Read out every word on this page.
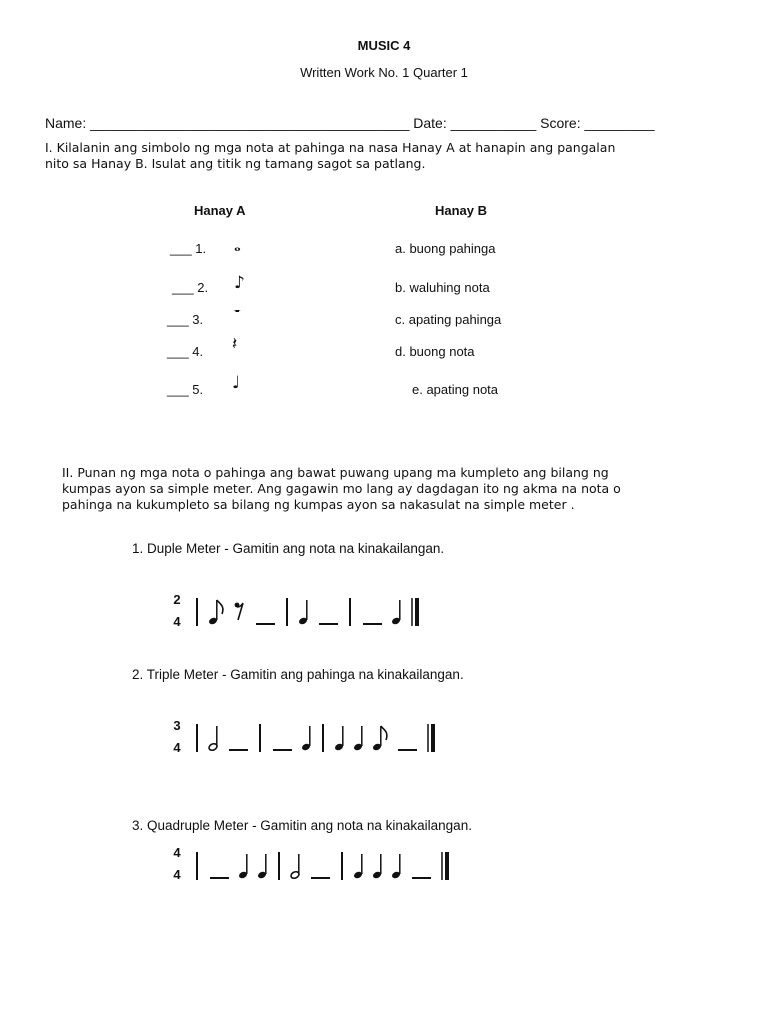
MUSIC 4
Written Work No. 1 Quarter 1
Name: _________________________________________ Date: ___________ Score: _________
I. Kilalanin ang simbolo ng mga nota at pahinga na nasa Hanay A at hanapin ang pangalan
nito sa Hanay B. Isulat ang titik ng tamang sagot sa patlang.
Hanay A	Hanay B
___ 1. 𝅝	a. buong pahinga
___ 2. ♪	b. waluhing nota
___ 3. 𝄻	c. apating pahinga
___ 4. 𝄽	d. buong nota
___ 5. ♩	e. apating nota
II. Punan ng mga nota o pahinga ang bawat puwang upang ma kumpleto ang bilang ng
kumpas ayon sa simple meter. Ang gagawin mo lang ay dagdagan ito ng akma na nota o
pahinga na kukumpleto sa bilang ng kumpas ayon sa nakasulat na simple meter .
1. Duple Meter - Gamitin ang nota na kinakailangan.
2
4
2. Triple Meter - Gamitin ang pahinga na kinakailangan.
3
4
3. Quadruple Meter - Gamitin ang nota na kinakailangan.
4
4
